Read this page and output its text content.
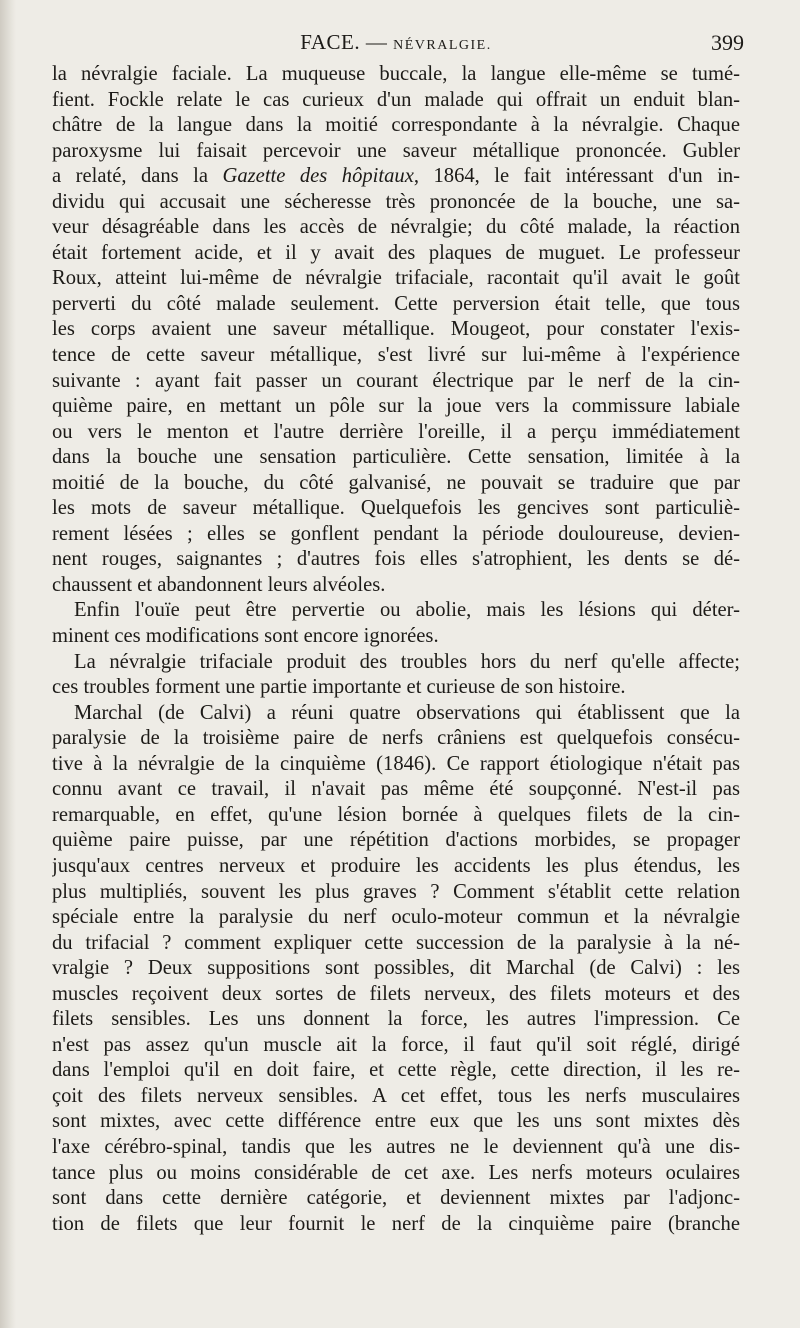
FACE. — NÉVRALGIE.	399
la névralgie faciale. La muqueuse buccale, la langue elle-même se tumé-
fient. Fockle relate le cas curieux d'un malade qui offrait un enduit blan-
châtre de la langue dans la moitié correspondante à la névralgie. Chaque
paroxysme lui faisait percevoir une saveur métallique prononcée. Gubler
a relaté, dans la Gazette des hôpitaux, 1864, le fait intéressant d'un in-
dividu qui accusait une sécheresse très prononcée de la bouche, une sa-
veur désagréable dans les accès de névralgie; du côté malade, la réaction
était fortement acide, et il y avait des plaques de muguet. Le professeur
Roux, atteint lui-même de névralgie trifaciale, racontait qu'il avait le goût
perverti du côté malade seulement. Cette perversion était telle, que tous
les corps avaient une saveur métallique. Mougeot, pour constater l'exis-
tence de cette saveur métallique, s'est livré sur lui-même à l'expérience
suivante : ayant fait passer un courant électrique par le nerf de la cin-
quième paire, en mettant un pôle sur la joue vers la commissure labiale
ou vers le menton et l'autre derrière l'oreille, il a perçu immédiatement
dans la bouche une sensation particulière. Cette sensation, limitée à la
moitié de la bouche, du côté galvanisé, ne pouvait se traduire que par
les mots de saveur métallique. Quelquefois les gencives sont particuliè-
rement lésées ; elles se gonflent pendant la période douloureuse, devien-
nent rouges, saignantes ; d'autres fois elles s'atrophient, les dents se dé-
chaussent et abandonnent leurs alvéoles.
Enfin l'ouïe peut être pervertie ou abolie, mais les lésions qui déter-
minent ces modifications sont encore ignorées.
La névralgie trifaciale produit des troubles hors du nerf qu'elle affecte;
ces troubles forment une partie importante et curieuse de son histoire.
Marchal (de Calvi) a réuni quatre observations qui établissent que la
paralysie de la troisième paire de nerfs crâniens est quelquefois consécu-
tive à la névralgie de la cinquième (1846). Ce rapport étiologique n'était pas
connu avant ce travail, il n'avait pas même été soupçonné. N'est-il pas
remarquable, en effet, qu'une lésion bornée à quelques filets de la cin-
quième paire puisse, par une répétition d'actions morbides, se propager
jusqu'aux centres nerveux et produire les accidents les plus étendus, les
plus multipliés, souvent les plus graves ? Comment s'établit cette relation
spéciale entre la paralysie du nerf oculo-moteur commun et la névralgie
du trifacial ? comment expliquer cette succession de la paralysie à la né-
vralgie ? Deux suppositions sont possibles, dit Marchal (de Calvi) : les
muscles reçoivent deux sortes de filets nerveux, des filets moteurs et des
filets sensibles. Les uns donnent la force, les autres l'impression. Ce
n'est pas assez qu'un muscle ait la force, il faut qu'il soit réglé, dirigé
dans l'emploi qu'il en doit faire, et cette règle, cette direction, il les re-
çoit des filets nerveux sensibles. A cet effet, tous les nerfs musculaires
sont mixtes, avec cette différence entre eux que les uns sont mixtes dès
l'axe cérébro-spinal, tandis que les autres ne le deviennent qu'à une dis-
tance plus ou moins considérable de cet axe. Les nerfs moteurs oculaires
sont dans cette dernière catégorie, et deviennent mixtes par l'adjonc-
tion de filets que leur fournit le nerf de la cinquième paire (branche
